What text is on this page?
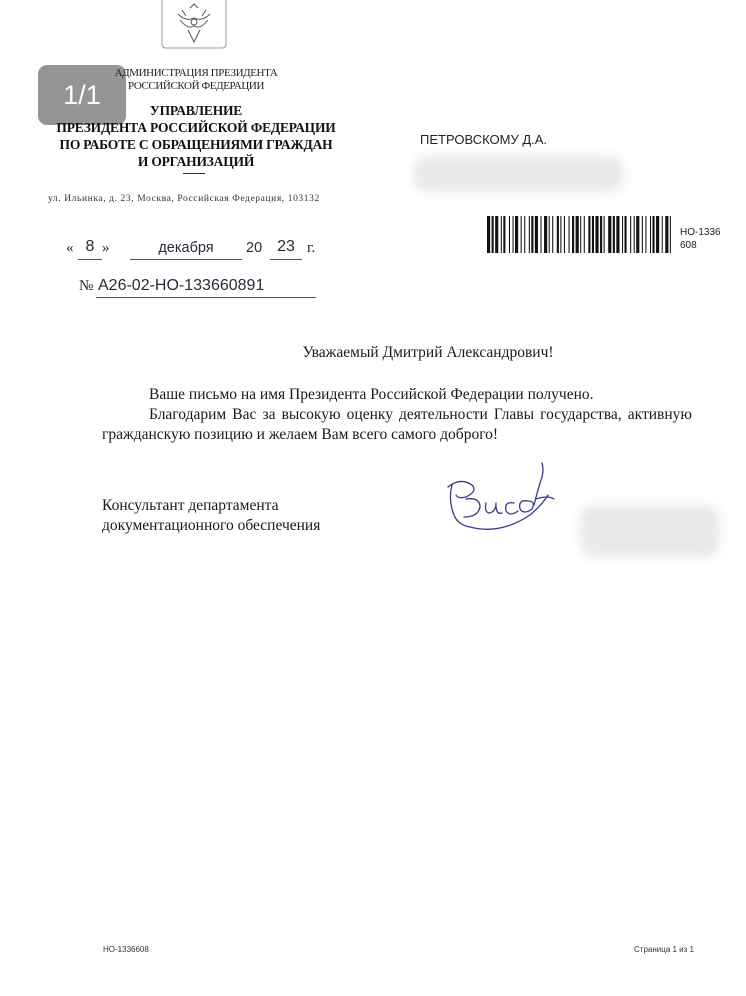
1/1
АДМИНИСТРАЦИЯ ПРЕЗИДЕНТА
РОССИЙСКОЙ ФЕДЕРАЦИИ
УПРАВЛЕНИЕ
ПРЕЗИДЕНТА РОССИЙСКОЙ ФЕДЕРАЦИИ
ПО РАБОТЕ С ОБРАЩЕНИЯМИ ГРАЖДАН
И ОРГАНИЗАЦИЙ
ул. Ильинка, д. 23, Москва, Российская Федерация, 103132
ПЕТРОВСКОМУ Д.А.
НО-1336608
« 8 »	декабря	20 23 г.
№ А26-02-НО-133660891
Уважаемый Дмитрий Александрович!

Ваше письмо на имя Президента Российской Федерации получено.

Благодарим Вас за высокую оценку деятельности Главы государства, активную гражданскую позицию и желаем Вам всего самого доброго!

Консультант департамента
документационного обеспечения
НО-1336608	Страница 1 из 1
